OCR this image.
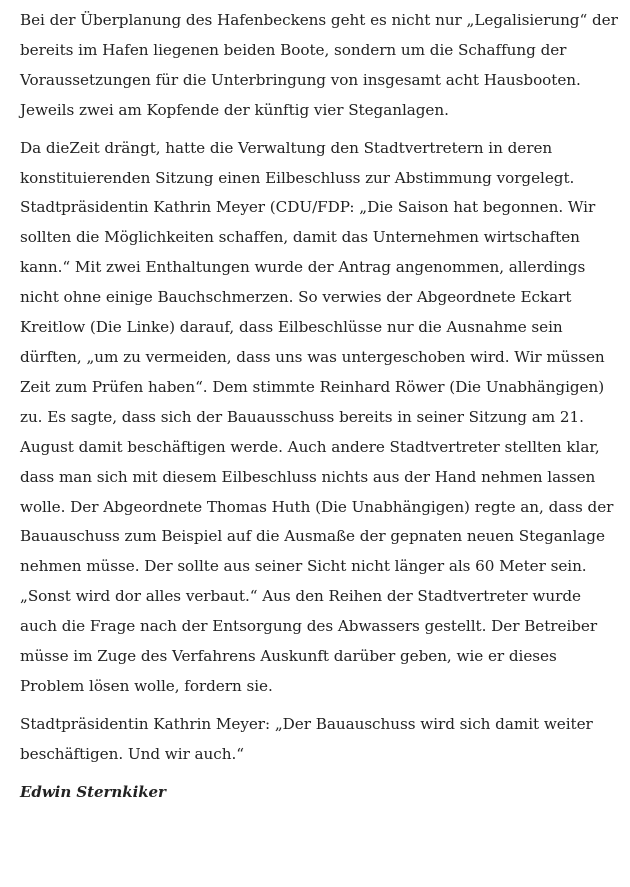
Bei der Überplanung des Hafenbeckens geht es nicht nur „Legalisierung“ der bereits im Hafen liegenen beiden Boote, sondern um die Schaffung der Voraussetzungen für die Unterbringung von insgesamt acht Hausbooten. Jeweils zwei am Kopfende der künftig vier Steganlagen.

Da dieZeit drängt, hatte die Verwaltung den Stadtvertretern in deren konstituierenden Sitzung einen Eilbeschluss zur Abstimmung vorgelegt. Stadtpräsidentin Kathrin Meyer (CDU/FDP: „Die Saison hat begonnen. Wir sollten die Möglichkeiten schaffen, damit das Unternehmen wirtschaften kann.“ Mit zwei Enthaltungen wurde der Antrag angenommen, allerdings nicht ohne einige Bauchschmerzen. So verwies der Abgeordnete Eckart Kreitlow (Die Linke) darauf, dass Eilbeschlüsse nur die Ausnahme sein dürften, „um zu vermeiden, dass uns was untergeschoben wird. Wir müssen Zeit zum Prüfen haben“. Dem stimmte Reinhard Röwer (Die Unabhängigen) zu. Es sagte, dass sich der Bauausschuss bereits in seiner Sitzung am 21. August damit beschäftigen werde. Auch andere Stadtvertreter stellten klar, dass man sich mit diesem Eilbeschluss nichts aus der Hand nehmen lassen wolle. Der Abgeordnete Thomas Huth (Die Unabhängigen) regte an, dass der Bauauschuss zum Beispiel auf die Ausmaße der gepnaten neuen Steganlage nehmen müsse. Der sollte aus seiner Sicht nicht länger als 60 Meter sein. „Sonst wird dor alles verbaut.“ Aus den Reihen der Stadtvertreter wurde auch die Frage nach der Entsorgung des Abwassers gestellt. Der Betreiber müsse im Zuge des Verfahrens Auskunft darüber geben, wie er dieses Problem lösen wolle, fordern sie.

Stadtpräsidentin Kathrin Meyer: „Der Bauauschuss wird sich damit weiter beschäftigen. Und wir auch.“

Edwin Sternkiker
